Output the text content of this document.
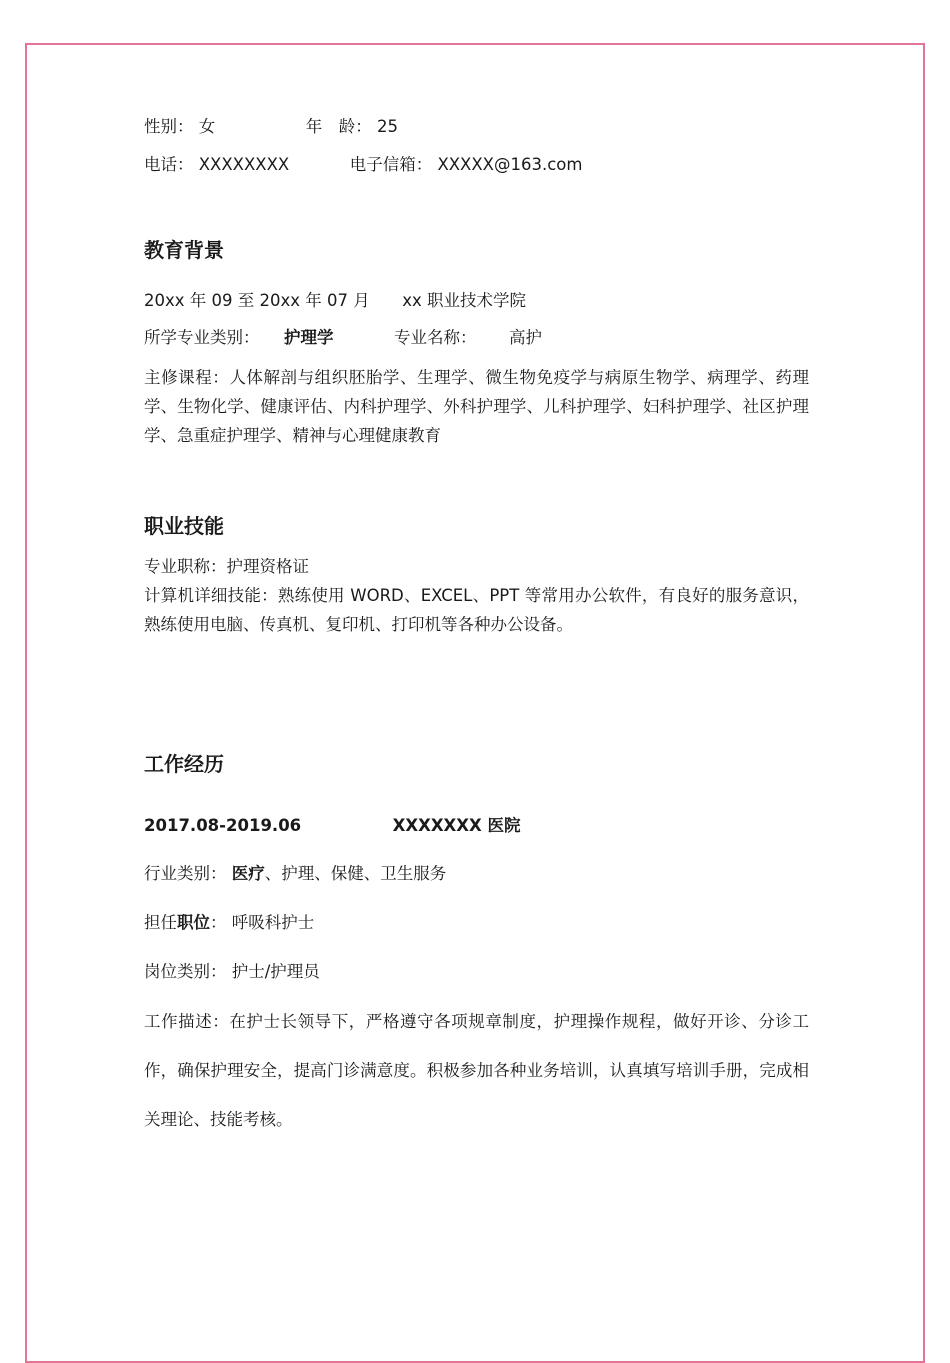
性别： 女	年　龄： 25
电话： XXXXXXXX	电子信箱： XXXXX@163.com
教育背景
20xx 年 09 至 20xx 年 07 月 xx 职业技术学院
所学专业类别： 护理学	专业名称： 高护
主修课程：人体解剖与组织胚胎学、生理学、微生物免疫学与病原生物学、病理学、药理学、生物化学、健康评估、内科护理学、外科护理学、儿科护理学、妇科护理学、社区护理学、急重症护理学、精神与心理健康教育
职业技能
专业职称：护理资格证
计算机详细技能：熟练使用 WORD、EXCEL、PPT 等常用办公软件，有良好的服务意识，熟练使用电脑、传真机、复印机、打印机等各种办公设备。
工作经历
2017.08-2019.06	XXXXXXX 医院
行业类别： 医疗、护理、保健、卫生服务
担任职位： 呼吸科护士
岗位类别： 护士/护理员
工作描述：在护士长领导下，严格遵守各项规章制度，护理操作规程，做好开诊、分诊工作，确保护理安全，提高门诊满意度。积极参加各种业务培训，认真填写培训手册，完成相关理论、技能考核。
